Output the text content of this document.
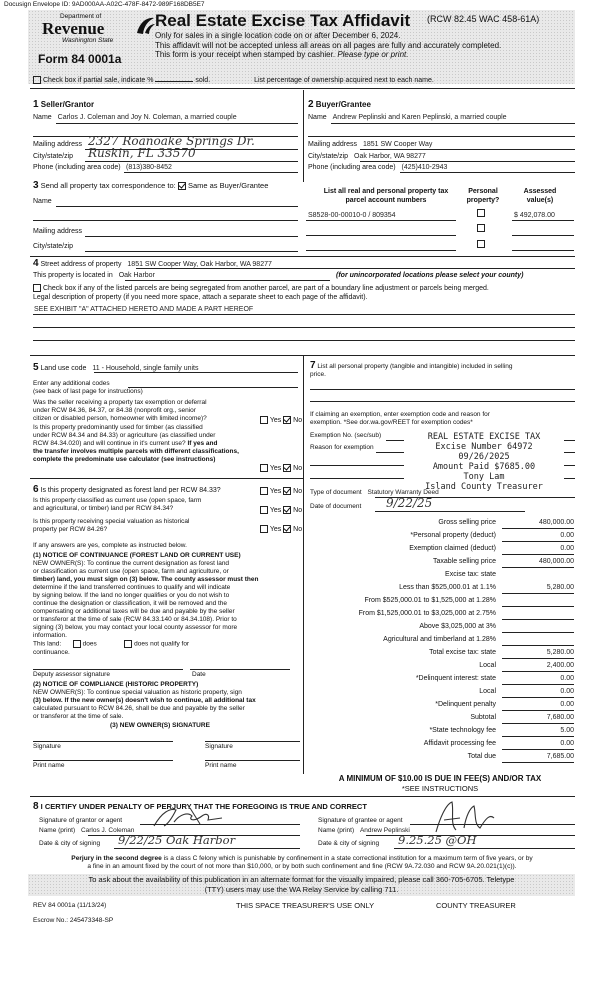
Docusign Envelope ID: 9AD000AA-A02C-478F-8472-989F168DB5E7
Department of
Revenue
Washington State
Form 84 0001a
Real Estate Excise Tax Affidavit (RCW 82.45 WAC 458-61A)
Only for sales in a single location code on or after December 6, 2024.
This affidavit will not be accepted unless all areas on all pages are fully and accurately completed.
This form is your receipt when stamped by cashier. Please type or print.
Check box if partial sale, indicate %	sold.	List percentage of ownership acquired next to each name.
1 Seller/Grantor
Name Carlos J. Coleman and Joy N. Coleman, a married couple
Mailing address 2327 Roanoake Springs Dr.
City/state/zip Ruskin, FL 33570
Phone (including area code) (813)380-8452
2 Buyer/Grantee
Name Andrew Peplinski and Karen Peplinski, a married couple
Mailing address 1851 SW Cooper Way
City/state/zip Oak Harbor, WA 98277
Phone (including area code) (425)410-2943
3 Send all property tax correspondence to: Same as Buyer/Grantee
Name
Mailing address
City/state/zip
List all real and personal property tax
parcel account numbers
Personal
property?
Assessed
value(s)
S8528-00-00010-0 / 809354	$ 492,078.00
4 Street address of property 1851 SW Cooper Way, Oak Harbor, WA 98277
This property is located in Oak Harbor	(for unincorporated locations please select your county)
Check box if any of the listed parcels are being segregated from another parcel, are part of a boundary line adjustment or parcels being merged.
Legal description of property (if you need more space, attach a separate sheet to each page of the affidavit).
SEE EXHIBIT "A" ATTACHED HERETO AND MADE A PART HEREOF
5 Land use code 11 - Household, single family units
Enter any additional codes
(see back of last page for instructions)
Was the seller receiving a property tax exemption or deferral
under RCW 84.36, 84.37, or 84.38 (nonprofit org., senior
citizen or disabled person, homeowner with limited income)?	Yes No
Is this property predominantly used for timber (as classified
under RCW 84.34 and 84.33) or agriculture (as classified under
RCW 84.34.020) and will continue in it's current use? If yes and
the transfer involves multiple parcels with different classifications,
complete the predominate use calculator (see instructions)
Yes No
6 Is this property designated as forest land per RCW 84.33?	Yes No
Is this property classified as current use (open space, farm
and agricultural, or timber) land per RCW 84.34?	Yes No
Is this property receiving special valuation as historical
property per RCW 84.26?	Yes No
If any answers are yes, complete as instructed below.
(1) NOTICE OF CONTINUANCE (FOREST LAND OR CURRENT USE)
NEW OWNER(S): To continue the current designation as forest land
or classification as current use (open space, farm and agriculture, or
timber) land, you must sign on (3) below. The county assessor must then
determine if the land transferred continues to qualify and will indicate
by signing below. If the land no longer qualifies or you do not wish to
continue the designation or classification, it will be removed and the
compensating or additional taxes will be due and payable by the seller
or transferor at the time of sale (RCW 84.33.140 or 84.34.108). Prior to
signing (3) below, you may contact your local county assessor for more
information.
This land:	does	does not qualify for
continuance.
Deputy assessor signature	Date
(2) NOTICE OF COMPLIANCE (HISTORIC PROPERTY)
NEW OWNER(S): To continue special valuation as historic property, sign
(3) below. If the new owner(s) doesn't wish to continue, all additional tax
calculated pursuant to RCW 84.26, shall be due and payable by the seller
or transferor at the time of sale.
(3) NEW OWNER(S) SIGNATURE
Signature	Signature
Print name	Print name
7 List all personal property (tangible and intangible) included in selling
price.
If claiming an exemption, enter exemption code and reason for
exemption. *See dor.wa.gov/REET for exemption codes*
Exemption No. (sec/sub)
Reason for exemption
REAL ESTATE EXCISE TAX
Excise Number 64972
09/26/2025
Amount Paid $7685.00
Tony Lam
Island County Treasurer
Type of document Statutory Warranty Deed
Date of document 9/22/25
Gross selling price	480,000.00
*Personal property (deduct)	0.00
Exemption claimed (deduct)	0.00
Taxable selling price	480,000.00
Excise tax: state
Less than $525,000.01 at 1.1%	5,280.00
From $525,000.01 to $1,525,000 at 1.28%
From $1,525,000.01 to $3,025,000 at 2.75%
Above $3,025,000 at 3%
Agricultural and timberland at 1.28%
Total excise tax: state	5,280.00
Local	2,400.00
*Delinquent interest: state	0.00
Local	0.00
*Delinquent penalty	0.00
Subtotal	7,680.00
*State technology fee	5.00
Affidavit processing fee	0.00
Total due	7,685.00
A MINIMUM OF $10.00 IS DUE IN FEE(S) AND/OR TAX
*SEE INSTRUCTIONS
8 I CERTIFY UNDER PENALTY OF PERJURY THAT THE FOREGOING IS TRUE AND CORRECT
Signature of grantor or agent
Name (print) Carlos J. Coleman
Date & city of signing 9/22/25 Oak Harbor
Signature of grantee or agent
Name (print) Andrew Peplinski
Date & city of signing 9.25.25 @OH
Perjury in the second degree is a class C felony which is punishable by confinement in a state correctional institution for a maximum term of five years, or by
a fine in an amount fixed by the court of not more than $10,000, or by both such confinement and fine (RCW 9A.72.030 and RCW 9A.20.021(1)(c)).
To ask about the availability of this publication in an alternate format for the visually impaired, please call 360-705-6705. Teletype
(TTY) users may use the WA Relay Service by calling 711.
REV 84 0001a (11/13/24)	THIS SPACE TREASURER'S USE ONLY	COUNTY TREASURER
Escrow No.: 245473348-SP
